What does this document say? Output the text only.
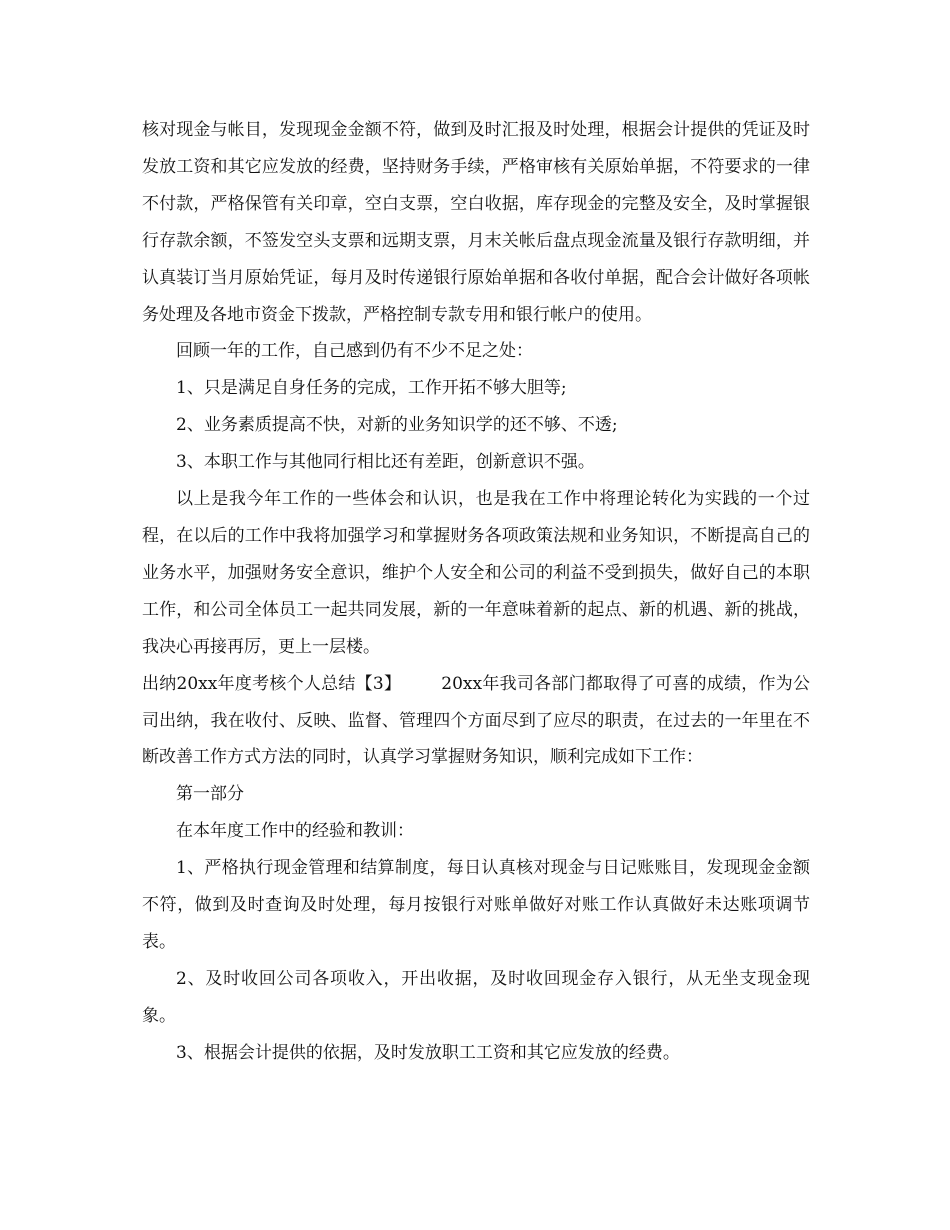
核对现金与帐目，发现现金金额不符，做到及时汇报及时处理，根据会计提供的凭证及时发放工资和其它应发放的经费，坚持财务手续，严格审核有关原始单据，不符要求的一律不付款，严格保管有关印章，空白支票，空白收据，库存现金的完整及安全，及时掌握银行存款余额，不签发空头支票和远期支票，月末关帐后盘点现金流量及银行存款明细，并认真装订当月原始凭证，每月及时传递银行原始单据和各收付单据，配合会计做好各项帐务处理及各地市资金下拨款，严格控制专款专用和银行帐户的使用。

回顾一年的工作，自己感到仍有不少不足之处：

1、只是满足自身任务的完成，工作开拓不够大胆等;

2、业务素质提高不快，对新的业务知识学的还不够、不透;

3、本职工作与其他同行相比还有差距，创新意识不强。

以上是我今年工作的一些体会和认识，也是我在工作中将理论转化为实践的一个过程，在以后的工作中我将加强学习和掌握财务各项政策法规和业务知识，不断提高自己的业务水平，加强财务安全意识，维护个人安全和公司的利益不受到损失，做好自己的本职工作，和公司全体员工一起共同发展，新的一年意味着新的起点、新的机遇、新的挑战，我决心再接再厉，更上一层楼。

出纳20xx年度考核个人总结【3】 20xx年我司各部门都取得了可喜的成绩，作为公司出纳，我在收付、反映、监督、管理四个方面尽到了应尽的职责，在过去的一年里在不断改善工作方式方法的同时，认真学习掌握财务知识，顺利完成如下工作：

第一部分

在本年度工作中的经验和教训：

1、严格执行现金管理和结算制度，每日认真核对现金与日记账账目，发现现金金额不符，做到及时查询及时处理，每月按银行对账单做好对账工作认真做好未达账项调节表。

2、及时收回公司各项收入，开出收据，及时收回现金存入银行，从无坐支现金现象。

3、根据会计提供的依据，及时发放职工工资和其它应发放的经费。
